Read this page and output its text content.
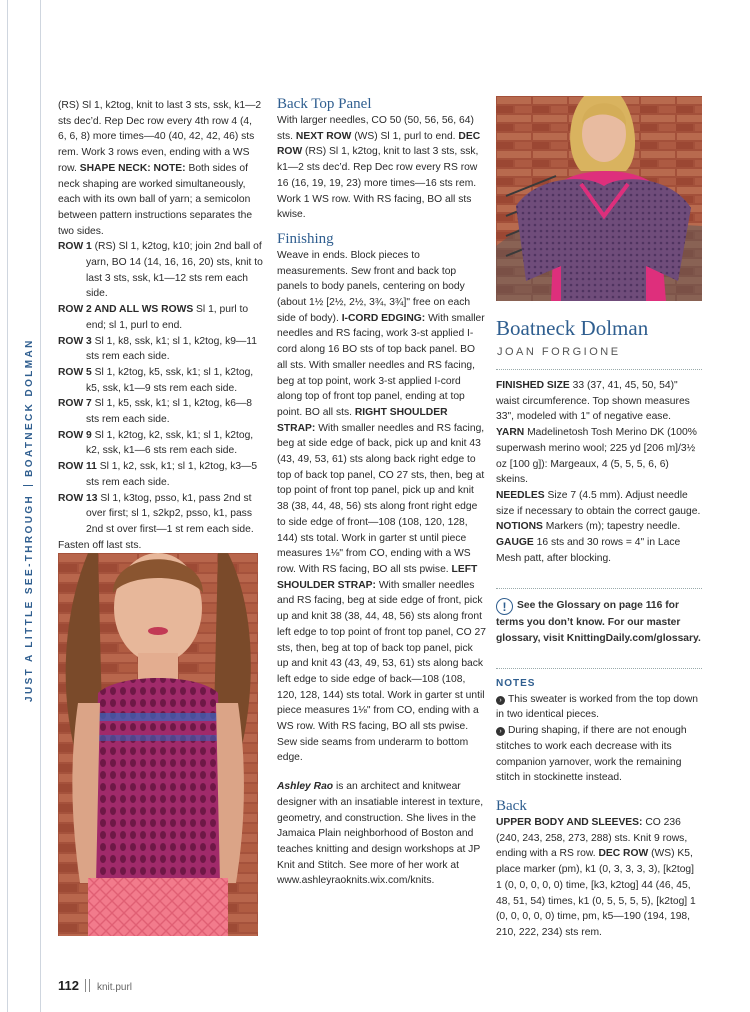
JUST A LITTLE SEE-THROUGHBOATNECK DOLMAN

(RS) Sl 1, k2tog, knit to last 3 sts, ssk, k1—2 sts dec’d. Rep Dec row every 4th row 4 (4, 6, 6, 8) more times—40 (40, 42, 42, 46) sts rem. Work 3 rows even, ending with a WS row. SHAPE NECK: NOTE: Both sides of neck shaping are worked simultaneously, each with its own ball of yarn; a semicolon between pattern instructions separates the two sides.

ROW 1 (RS) Sl 1, k2tog, k10; join 2nd ball of yarn, BO 14 (14, 16, 16, 20) sts, knit to last 3 sts, ssk, k1—12 sts rem each side.

ROW 2 AND ALL WS ROWS Sl 1, purl to end; sl 1, purl to end.

ROW 3 Sl 1, k8, ssk, k1; sl 1, k2tog, k9—11 sts rem each side.

ROW 5 Sl 1, k2tog, k5, ssk, k1; sl 1, k2tog, k5, ssk, k1—9 sts rem each side.

ROW 7 Sl 1, k5, ssk, k1; sl 1, k2tog, k6—8 sts rem each side.

ROW 9 Sl 1, k2tog, k2, ssk, k1; sl 1, k2tog, k2, ssk, k1—6 sts rem each side.

ROW 11 Sl 1, k2, ssk, k1; sl 1, k2tog, k3—5 sts rem each side.

ROW 13 Sl 1, k3tog, psso, k1, pass 2nd st over first; sl 1, s2kp2, psso, k1, pass 2nd st over first—1 st rem each side.

Fasten off last sts.

Back Top Panel

With larger needles, CO 50 (50, 56, 56, 64) sts. NEXT ROW (WS) Sl 1, purl to end. DEC ROW (RS) Sl 1, k2tog, knit to last 3 sts, ssk, k1—2 sts dec’d. Rep Dec row every RS row 16 (16, 19, 19, 23) more times—16 sts rem. Work 1 WS row. With RS facing, BO all sts kwise.

Finishing

Weave in ends. Block pieces to measurements. Sew front and back top panels to body panels, centering on body (about 1½ [2½, 2½, 3¾, 3¾]" free on each side of body). I-CORD EDGING: With smaller needles and RS facing, work 3-st applied I-cord along 16 BO sts of top back panel. BO all sts. With smaller needles and RS facing, beg at top point, work 3-st applied I-cord along top of front top panel, ending at top point. BO all sts. RIGHT SHOULDER STRAP: With smaller needles and RS facing, beg at side edge of back, pick up and knit 43 (43, 49, 53, 61) sts along back right edge to top of back top panel, CO 27 sts, then, beg at top point of front top panel, pick up and knit 38 (38, 44, 48, 56) sts along front right edge to side edge of front—108 (108, 120, 128, 144) sts total. Work in garter st until piece measures 1⅛" from CO, ending with a WS row. With RS facing, BO all sts pwise. LEFT SHOULDER STRAP: With smaller needles and RS facing, beg at side edge of front, pick up and knit 38 (38, 44, 48, 56) sts along front left edge to top point of front top panel, CO 27 sts, then, beg at top of back top panel, pick up and knit 43 (43, 49, 53, 61) sts along back left edge to side edge of back—108 (108, 120, 128, 144) sts total. Work in garter st until piece measures 1⅛" from CO, ending with a WS row. With RS facing, BO all sts pwise. Sew side seams from underarm to bottom edge.

Ashley Rao is an architect and knitwear designer with an insatiable interest in texture, geometry, and construction. She lives in the Jamaica Plain neighborhood of Boston and teaches knitting and design workshops at JP Knit and Stitch. See more of her work at www.ashleyraoknits.wix.com/knits.

Boatneck Dolman
JOAN FORGIONE

FINISHED SIZE 33 (37, 41, 45, 50, 54)" waist circumference. Top shown measures 33", modeled with 1" of negative ease.

YARN Madelinetosh Tosh Merino DK (100% superwash merino wool; 225 yd [206 m]/3½ oz [100 g]): Margeaux, 4 (5, 5, 5, 6, 6) skeins.

NEEDLES Size 7 (4.5 mm). Adjust needle size if necessary to obtain the correct gauge.

NOTIONS Markers (m); tapestry needle.

GAUGE 16 sts and 30 rows = 4" in Lace Mesh patt, after blocking.

! See the Glossary on page 116 for terms you don’t know. For our master glossary, visit KnittingDaily.com/glossary.

NOTES

› This sweater is worked from the top down in two identical pieces.

› During shaping, if there are not enough stitches to work each decrease with its companion yarnover, work the remaining stitch in stockinette instead.

Back

UPPER BODY AND SLEEVES: CO 236 (240, 243, 258, 273, 288) sts. Knit 9 rows, ending with a RS row. DEC ROW (WS) K5, place marker (pm), k1 (0, 3, 3, 3, 3), [k2tog] 1 (0, 0, 0, 0, 0) time, [k3, k2tog] 44 (46, 45, 48, 51, 54) times, k1 (0, 5, 5, 5, 5), [k2tog] 1 (0, 0, 0, 0, 0) time, pm, k5—190 (194, 198, 210, 222, 234) sts rem.

112 knit.purl
